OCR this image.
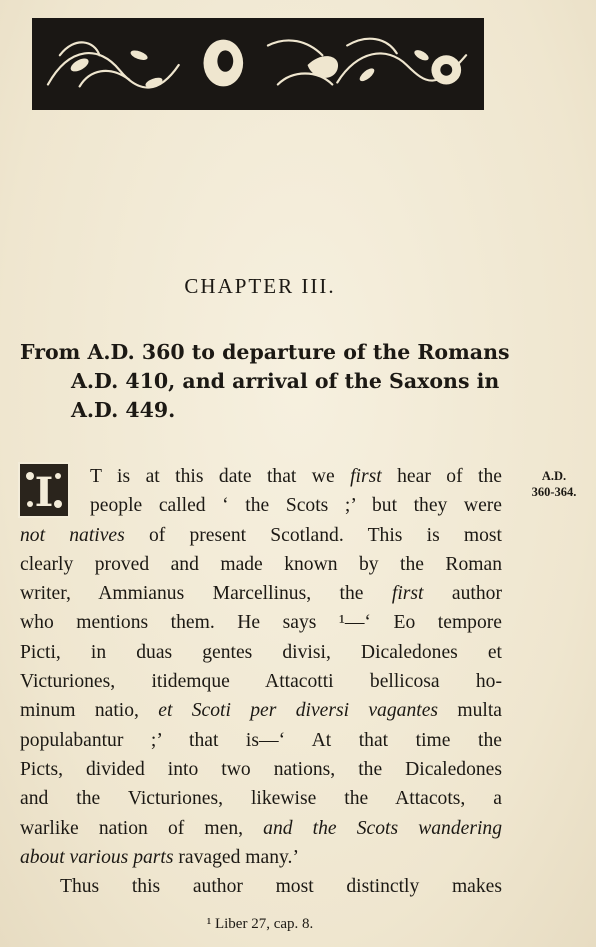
CHAPTER III.
From A.D. 360 to departure of the Romans
A.D. 410, and arrival of the Saxons in
A.D. 449.
A.D.
360-364.
T is at this date that we first hear of the
people called ‘ the Scots ;’ but they were
not natives of present Scotland. This is most
clearly proved and made known by the Roman
writer, Ammianus Marcellinus, the first author
who mentions them. He says ¹—‘ Eo tempore
Picti, in duas gentes divisi, Dicaledones et
Victuriones, itidemque Attacotti bellicosa ho-
minum natio, et Scoti per diversi vagantes multa
populabantur ;’ that is—‘ At that time the
Picts, divided into two nations, the Dicaledones
and the Victuriones, likewise the Attacots, a
warlike nation of men, and the Scots wandering
about various parts ravaged many.’
Thus this author most distinctly makes
I
¹ Liber 27, cap. 8.
